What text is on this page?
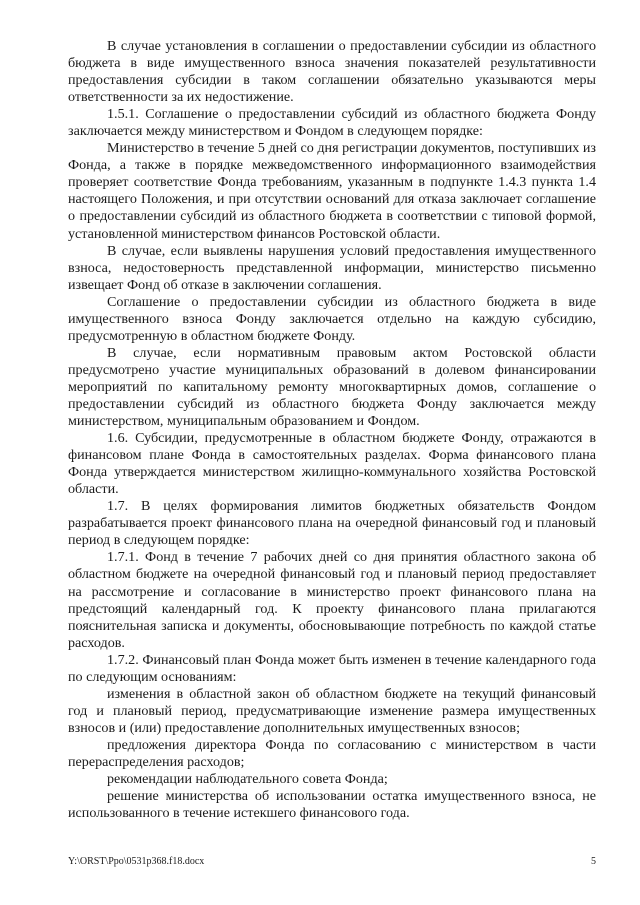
В случае установления в соглашении о предоставлении субсидии из областного бюджета в виде имущественного взноса значения показателей результативности предоставления субсидии в таком соглашении обязательно указываются меры ответственности за их недостижение.

1.5.1. Соглашение о предоставлении субсидий из областного бюджета Фонду заключается между министерством и Фондом в следующем порядке:

Министерство в течение 5 дней со дня регистрации документов, поступивших из Фонда, а также в порядке межведомственного информационного взаимодействия проверяет соответствие Фонда требованиям, указанным в подпункте 1.4.3 пункта 1.4 настоящего Положения, и при отсутствии оснований для отказа заключает соглашение о предоставлении субсидий из областного бюджета в соответствии с типовой формой, установленной министерством финансов Ростовской области.

В случае, если выявлены нарушения условий предоставления имущественного взноса, недостоверность представленной информации, министерство письменно извещает Фонд об отказе в заключении соглашения.

Соглашение о предоставлении субсидии из областного бюджета в виде имущественного взноса Фонду заключается отдельно на каждую субсидию, предусмотренную в областном бюджете Фонду.

В случае, если нормативным правовым актом Ростовской области предусмотрено участие муниципальных образований в долевом финансировании мероприятий по капитальному ремонту многоквартирных домов, соглашение о предоставлении субсидий из областного бюджета Фонду заключается между министерством, муниципальным образованием и Фондом.

1.6. Субсидии, предусмотренные в областном бюджете Фонду, отражаются в финансовом плане Фонда в самостоятельных разделах. Форма финансового плана Фонда утверждается министерством жилищно-коммунального хозяйства Ростовской области.

1.7. В целях формирования лимитов бюджетных обязательств Фондом разрабатывается проект финансового плана на очередной финансовый год и плановый период в следующем порядке:

1.7.1. Фонд в течение 7 рабочих дней со дня принятия областного закона об областном бюджете на очередной финансовый год и плановый период предоставляет на рассмотрение и согласование в министерство проект финансового плана на предстоящий календарный год. К проекту финансового плана прилагаются пояснительная записка и документы, обосновывающие потребность по каждой статье расходов.

1.7.2. Финансовый план Фонда может быть изменен в течение календарного года по следующим основаниям:

изменения в областной закон об областном бюджете на текущий финансовый год и плановый период, предусматривающие изменение размера имущественных взносов и (или) предоставление дополнительных имущественных взносов;

предложения директора Фонда по согласованию с министерством в части перераспределения расходов;

рекомендации наблюдательного совета Фонда;

решение министерства об использовании остатка имущественного взноса, не использованного в течение истекшего финансового года.

Y:\ORST\Ppo\0531p368.f18.docx	5
